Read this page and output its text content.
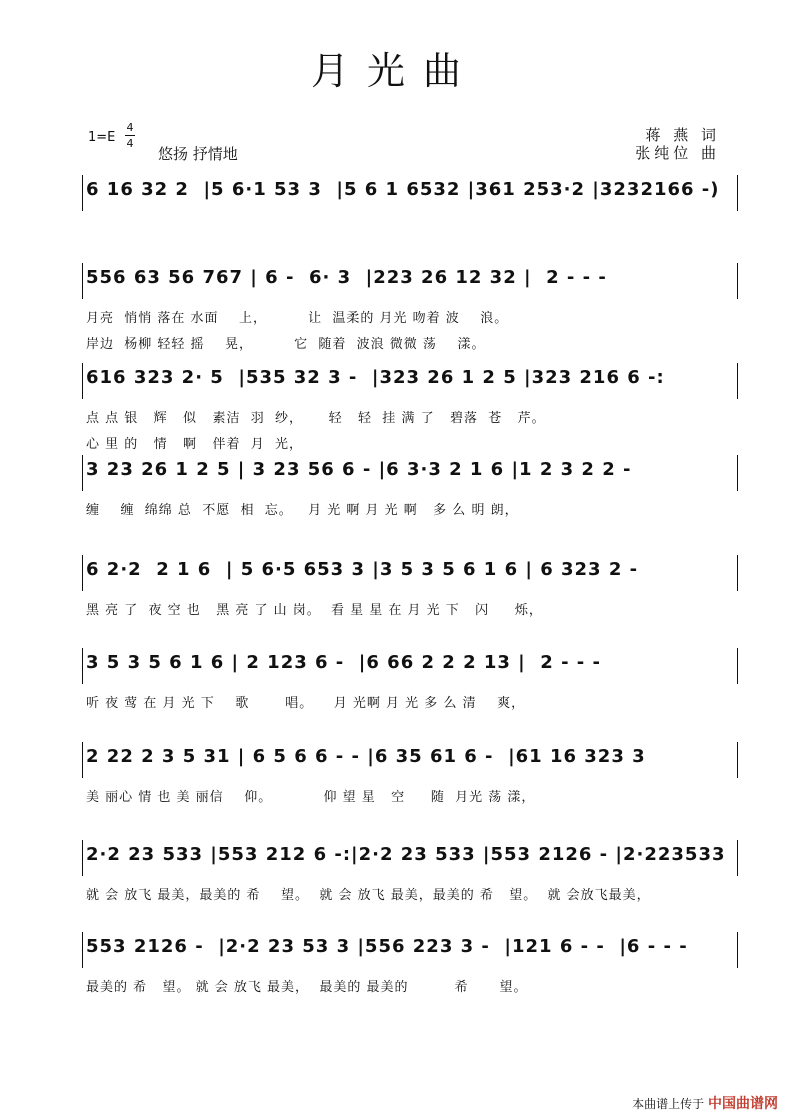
月光曲
1=E
4
4
悠扬 抒情地
蒋 燕 词
张纯位 曲
6 16 32 2  |5 6·1 53 3  |5 6 1 6532 |361 253·2 |3232166 -)
556 63 56 767 | 6 -  6· 3  |223 26 12 32 |  2 - - -
月亮  悄悄 落在 水面    上，        让  温柔的 月光 吻着 波    浪。
岸边  杨柳 轻轻 摇    晃，        它  随着  波浪 微微 荡    漾。
616 323 2· 5  |535 32 3 -  |323 26 1 2 5 |323 216 6 -:
点 点 银   辉   似   素洁  羽  纱，     轻   轻  挂 满 了   碧落  苍   芹。
心 里 的   情   啊   伴着  月  光，
3 23 26 1 2 5 | 3 23 56 6 - |6 3·3 2 1 6 |1 2 3 2 2 -
缠    缠  绵绵 总  不愿  相  忘。   月 光 啊 月 光 啊   多 么 明 朗，
6 2·2  2 1 6  | 5 6·5 653 3 |3 5 3 5 6 1 6 | 6 323 2 -
黑 亮 了  夜 空 也   黑 亮 了 山 岗。  看 星 星 在 月 光 下   闪     烁，
3 5 3 5 6 1 6 | 2 123 6 -  |6 66 2 2 2 13 |  2 - - -
听 夜 莺 在 月 光 下    歌       唱。    月 光啊 月 光 多 么 清    爽，
2 22 2 3 5 31 | 6 5 6 6 - - |6 35 61 6 -  |61 16 323 3
美 丽心 情 也 美 丽信    仰。          仰 望 星   空     随  月光 荡 漾，
2·2 23 533 |553 212 6 -:|2·2 23 533 |553 2126 - |2·223533
就 会 放飞 最美，最美的 希    望。  就 会 放飞 最美，最美的 希   望。  就 会放飞最美，
553 2126 -  |2·2 23 53 3 |556 223 3 -  |121 6 - -  |6 - - -
最美的 希   望。 就 会 放飞 最美，  最美的 最美的         希      望。
本曲谱上传于 中国曲谱网
